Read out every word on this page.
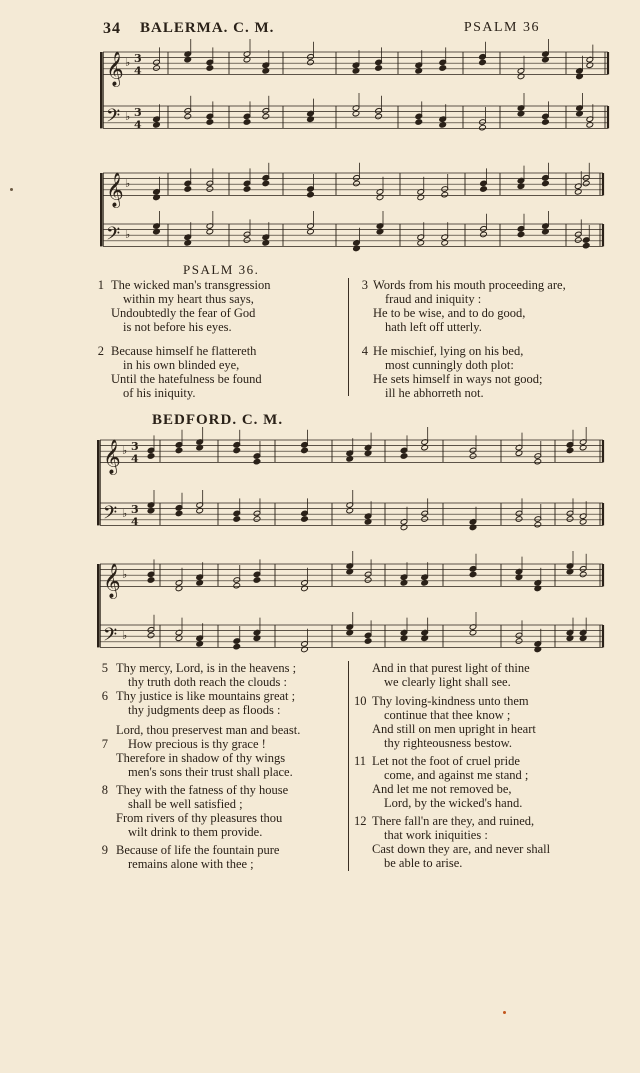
34 BALERMA. C. M.	PSALM 36
𝄞 ♭ 3
4
𝄢 ♭ 3
4
𝄞 ♭
𝄢 ♭
𝄞 ♭ 3
4
𝄢 ♭ 3
4
𝄞 ♭
𝄢 ♭
PSALM 36.
1 The wicked man's transgression
within my heart thus says,
Undoubtedly the fear of God
is not before his eyes.
2 Because himself he flattereth
in his own blinded eye,
Until the hatefulness be found
of his iniquity.
3 Words from his mouth proceeding are,
fraud and iniquity :
He to be wise, and to do good,
hath left off utterly.
4 He mischief, lying on his bed,
most cunningly doth plot:
He sets himself in ways not good;
ill he abhorreth not.
BEDFORD. C. M.
5 Thy mercy, Lord, is in the heavens ;
thy truth doth reach the clouds :
6 Thy justice is like mountains great ;
thy judgments deep as floods :
Lord, thou preservest man and beast.
7 How precious is thy grace !
Therefore in shadow of thy wings
men's sons their trust shall place.
8 They with the fatness of thy house
shall be well satisfied ;
From rivers of thy pleasures thou
wilt drink to them provide.
9 Because of life the fountain pure
remains alone with thee ;
And in that purest light of thine
we clearly light shall see.
10 Thy loving-kindness unto them
continue that thee know ;
And still on men upright in heart
thy righteousness bestow.
11 Let not the foot of cruel pride
come, and against me stand ;
And let me not removed be,
Lord, by the wicked's hand.
12 There fall'n are they, and ruined,
that work iniquities :
Cast down they are, and never shall
be able to arise.
